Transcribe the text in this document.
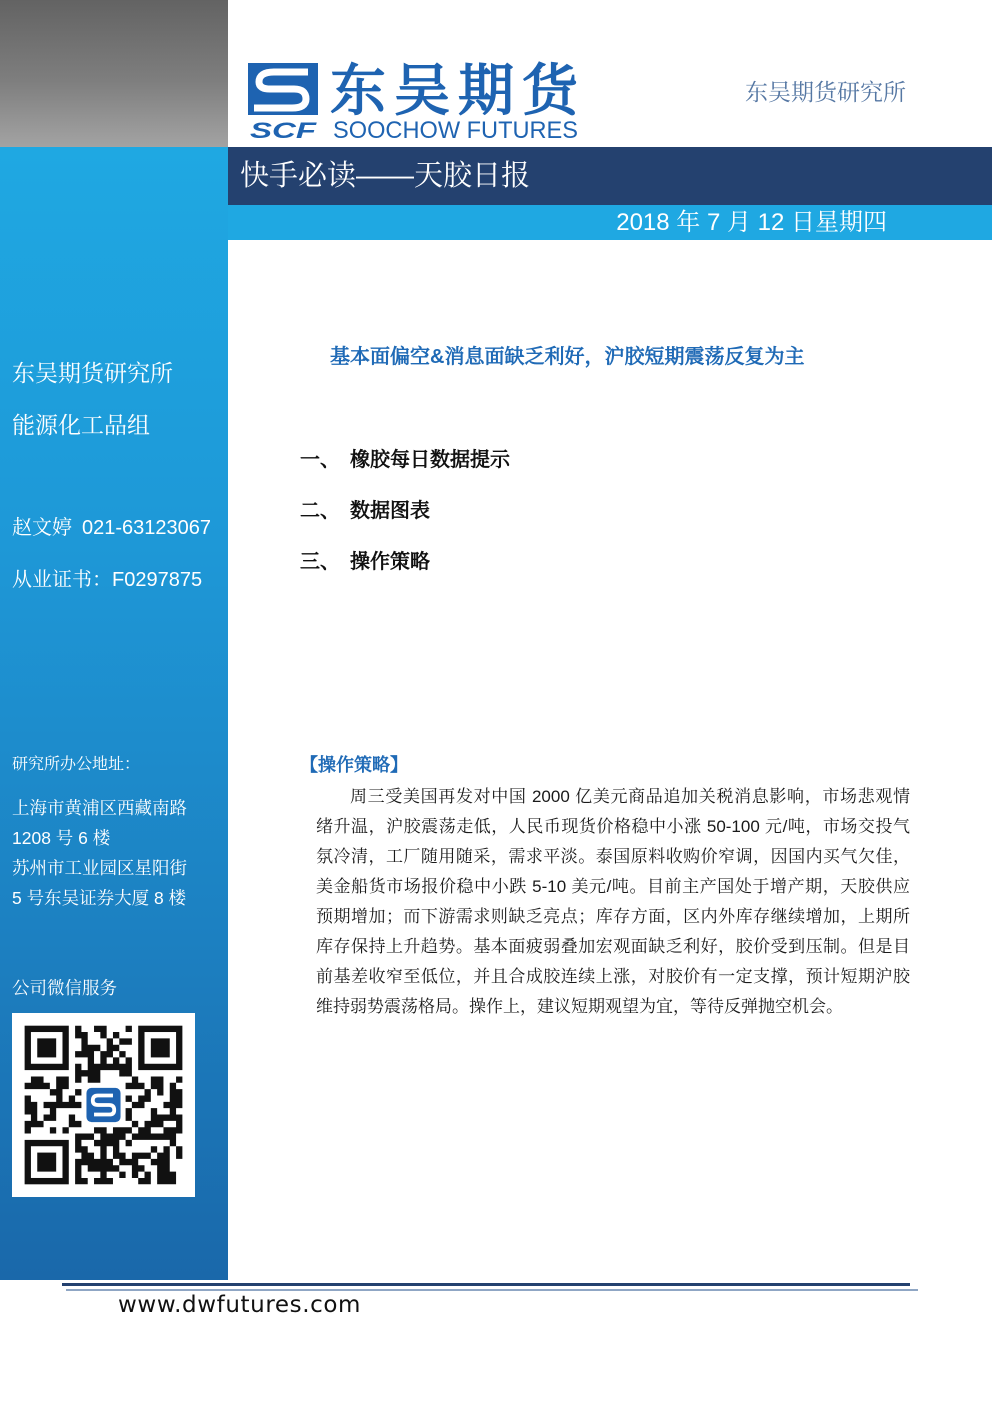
SCF
东吴期货
SOOCHOW FUTURES
东吴期货研究所
快手必读——天胶日报
2018 年 7 月 12 日星期四
东吴期货研究所
能源化工品组
赵文婷 021-63123067
从业证书：F0297875
研究所办公地址：
上海市黄浦区西藏南路
1208 号 6 楼
苏州市工业园区星阳街
5 号东吴证券大厦 8 楼
公司微信服务
基本面偏空&消息面缺乏利好，沪胶短期震荡反复为主
一、 橡胶每日数据提示
二、 数据图表
三、 操作策略
【操作策略】
周三受美国再发对中国 2000 亿美元商品追加关税消息影响，市场悲观情
绪升温，沪胶震荡走低，人民币现货价格稳中小涨 50-100 元/吨，市场交投气
氛冷清，工厂随用随采，需求平淡。泰国原料收购价窄调，因国内买气欠佳，
美金船货市场报价稳中小跌 5-10 美元/吨。目前主产国处于增产期，天胶供应
预期增加；而下游需求则缺乏亮点；库存方面，区内外库存继续增加，上期所
库存保持上升趋势。基本面疲弱叠加宏观面缺乏利好，胶价受到压制。但是目
前基差收窄至低位，并且合成胶连续上涨，对胶价有一定支撑，预计短期沪胶
维持弱势震荡格局。操作上，建议短期观望为宜，等待反弹抛空机会。
www.dwfutures.com
